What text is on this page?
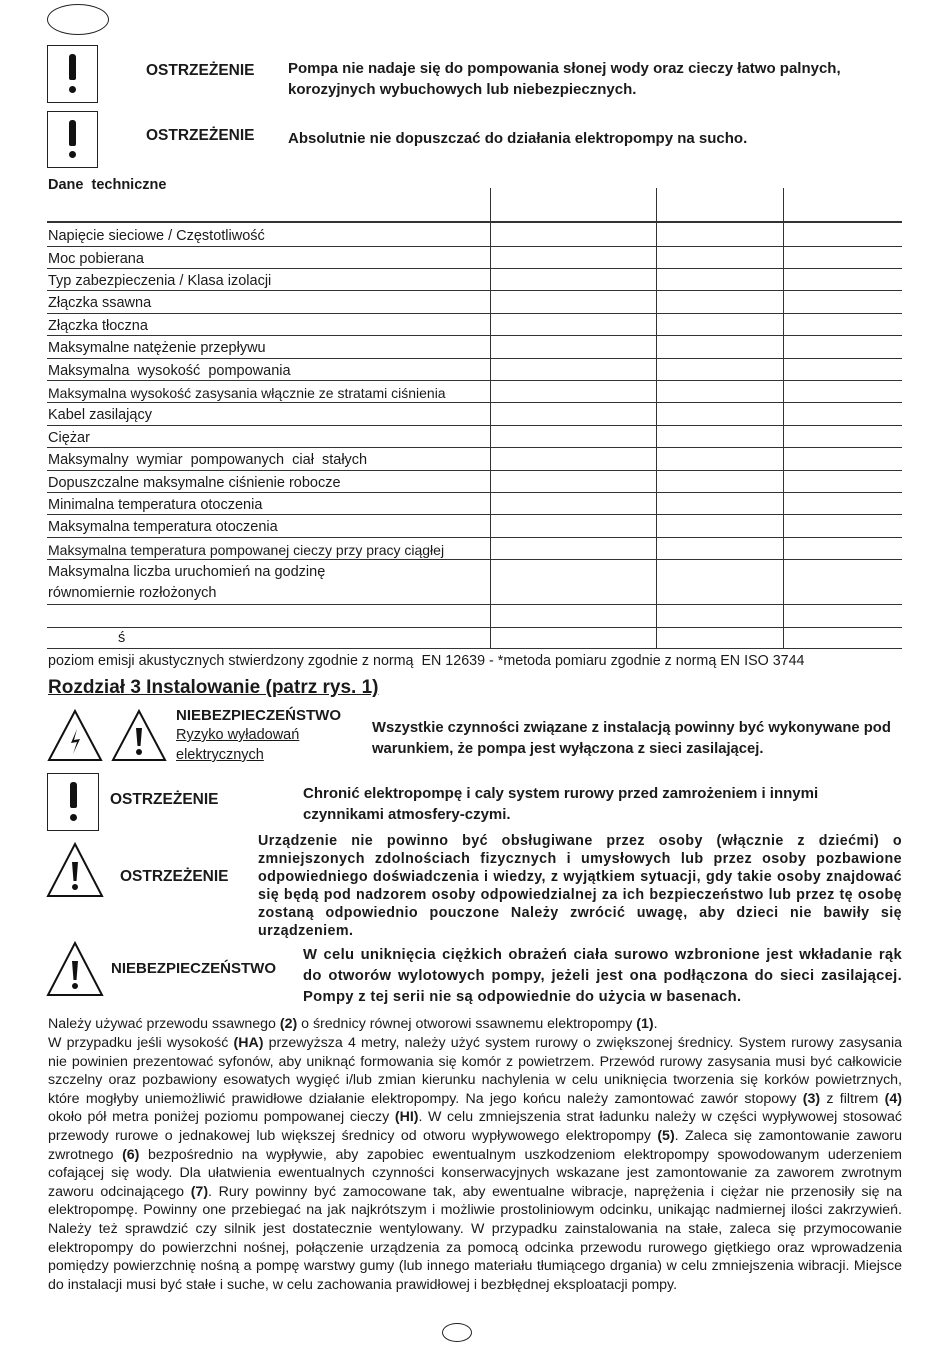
OSTRZEŻENIE Pompa nie nadaje się do pompowania słonej wody oraz cieczy łatwo palnych, korozyjnych wybuchowych lub niebezpiecznych.
OSTRZEŻENIE Absolutnie nie dopuszczać do działania elektropompy na sucho.
Dane  techniczne
Napięcie sieciowe / Częstotliwość
Moc pobierana
Typ zabezpieczenia / Klasa izolacji
Złączka ssawna
Złączka tłoczna
Maksymalne natężenie przepływu
Maksymalna  wysokość  pompowania
Maksymalna wysokość zasysania włącznie ze stratami ciśnienia
Kabel zasilający
Ciężar
Maksymalny  wymiar  pompowanych  ciał  stałych
Dopuszczalne maksymalne ciśnienie robocze
Minimalna temperatura otoczenia
Maksymalna temperatura otoczenia
Maksymalna temperatura pompowanej cieczy przy pracy ciągłej
Maksymalna liczba uruchomień na godzinę
równomiernie rozłożonych
ś
poziom emisji akustycznych stwierdzony zgodnie z normą  EN 12639 - *metoda pomiaru zgodnie z normą EN ISO 3744
Rozdział 3 Instalowanie (patrz rys. 1)
NIEBEZPIECZEŃSTWO
Ryzyko wyładowań
elektrycznych
Wszystkie czynności związane z instalacją powinny być wykonywane pod warunkiem, że pompa jest wyłączona z sieci zasilającej.
OSTRZEŻENIE	Chronić elektropompę i caly system rurowy przed zamrożeniem i innymi czynnikami atmosfery-czymi.
OSTRZEŻENIE
Urządzenie nie powinno być obsługiwane przez osoby (włącznie z dziećmi) o zmniejszonych zdolnościach fizycznych i umysłowych lub przez osoby pozbawione odpowiedniego doświadczenia i wiedzy, z wyjątkiem sytuacji, gdy takie osoby znajdować się będą pod nadzorem osoby odpowiedzialnej za ich bezpieczeństwo lub przez tę osobę zostaną odpowiednio pouczone Należy zwrócić uwagę, aby dzieci nie bawiły się urządzeniem.
NIEBEZPIECZEŃSTWO
W celu uniknięcia ciężkich obrażeń ciała surowo wzbronione jest wkładanie rąk do otworów wylotowych pompy, jeżeli jest ona podłączona do sieci zasilającej. Pompy z tej serii nie są odpowiednie do użycia w basenach.

Należy używać przewodu ssawnego (2) o średnicy równej otworowi ssawnemu elektropompy (1).

W przypadku jeśli wysokość (HA) przewyższa 4 metry, należy użyć system rurowy o zwiększonej średnicy. System rurowy zasysania nie powinien prezentować syfonów, aby uniknąć formowania się komór z powietrzem. Przewód rurowy zasysania musi być całkowicie szczelny oraz pozbawiony esowatych wygięć i/lub zmian kierunku nachylenia w celu uniknięcia tworzenia się korków powietrznych, które mogłyby uniemożliwić prawidłowe działanie elektropompy. Na jego końcu należy zamontować zawór stopowy (3) z filtrem (4) około pół metra poniżej poziomu pompowanej cieczy (HI). W celu zmniejszenia strat ładunku należy w części wypływowej stosować przewody rurowe o jednakowej lub większej średnicy od otworu wypływowego elektropompy (5). Zaleca się zamontowanie zaworu zwrotnego (6) bezpośrednio na wypływie, aby zapobiec ewentualnym uszkodzeniom elektropompy spowodowanym uderzeniem cofającej się wody. Dla ułatwienia ewentualnych czynności konserwacyjnych wskazane jest zamontowanie za zaworem zwrotnym zaworu odcinającego (7). Rury powinny być zamocowane tak, aby ewentualne wibracje, naprężenia i ciężar nie przenosiły się na elektropompę. Powinny one przebiegać na jak najkrótszym i możliwie prostoliniowym odcinku, unikając nadmiernej ilości zakrzywień. Należy też sprawdzić czy silnik jest dostatecznie wentylowany. W przypadku zainstalowania na stałe, zaleca się przymocowanie elektropompy do powierzchni nośnej, połączenie urządzenia za pomocą odcinka przewodu rurowego giętkiego oraz wprowadzenia pomiędzy powierzchnię nośną a pompę warstwy gumy (lub innego materiału tłumiącego drgania) w celu zmniejszenia wibracji. Miejsce do instalacji musi być stałe i suche, w celu zachowania prawidłowej i bezbłędnej eksploatacji pompy.
